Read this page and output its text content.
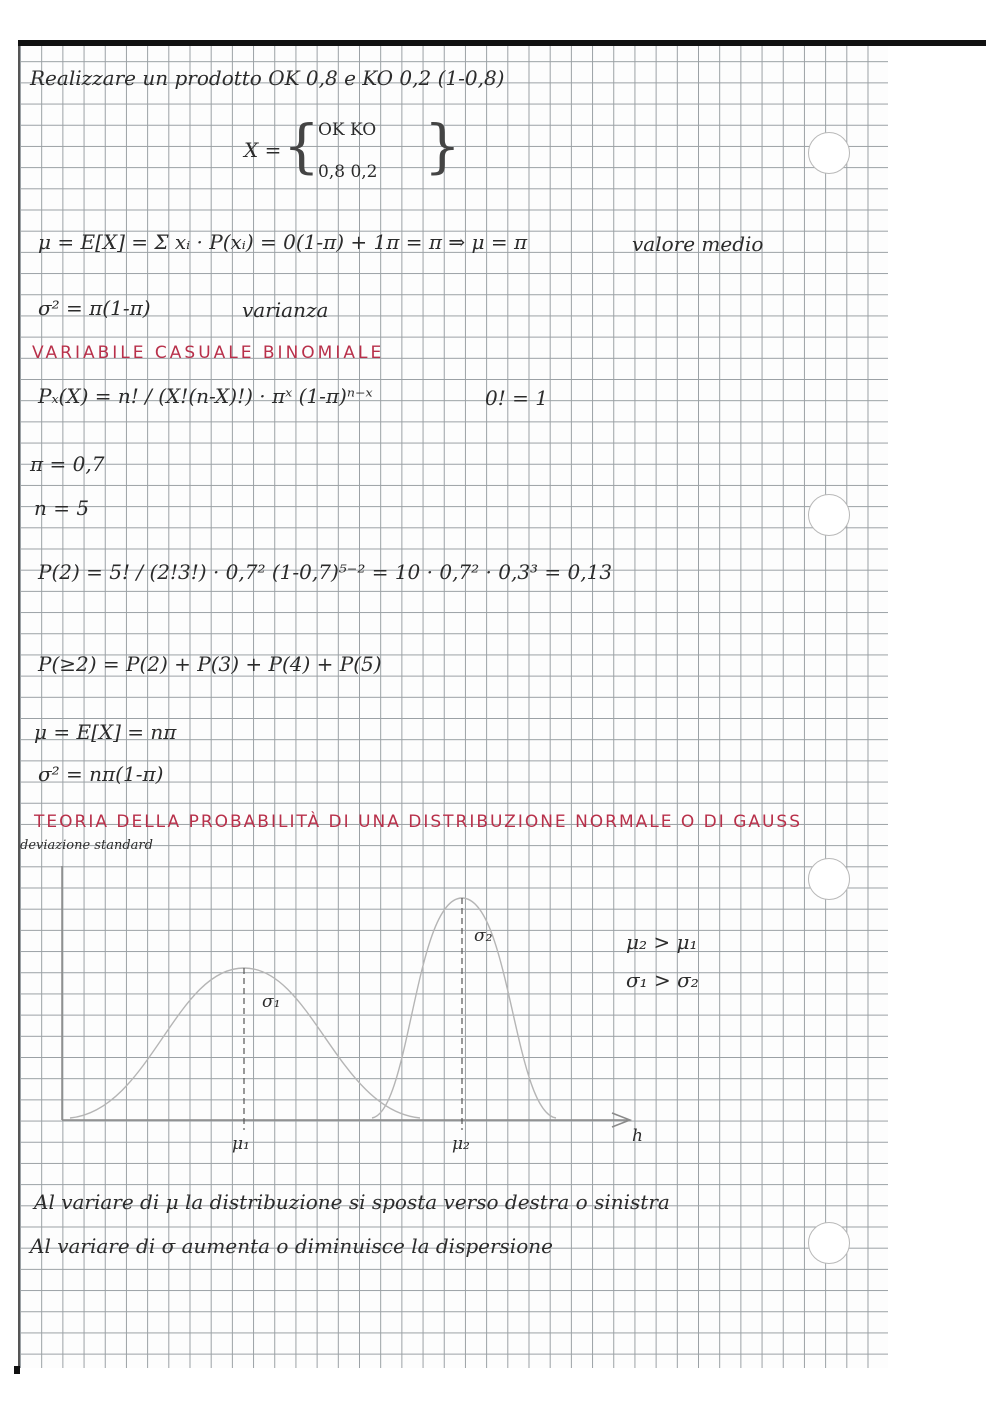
Realizzare un prodotto OK 0,8 e KO 0,2 (1-0,8)
X = {
OK KO
0,8 0,2 }
μ = E[X] = Σ xᵢ · P(xᵢ) = 0(1-π) + 1π = π ⇒ μ = π	valore medio
σ² = π(1-π)	varianza
VARIABILE CASUALE BINOMIALE
Pₓ(X) = n! / (X!(n-X)!) · πˣ (1-π)ⁿ⁻ˣ	0! = 1
π = 0,7
n = 5
P(2) = 5! / (2!3!) · 0,7² (1-0,7)⁵⁻² = 10 · 0,7² · 0,3³ = 0,13
P(≥2) = P(2) + P(3) + P(4) + P(5)
μ = E[X] = nπ
σ² = nπ(1-π)
TEORIA DELLA PROBABILITÀ DI UNA DISTRIBUZIONE NORMALE O DI GAUSS
deviazione standard
σ₁
σ₂
μ₁	μ₂	h
μ₂ > μ₁
σ₁ > σ₂
Al variare di μ la distribuzione si sposta verso destra o sinistra
Al variare di σ aumenta o diminuisce la dispersione
